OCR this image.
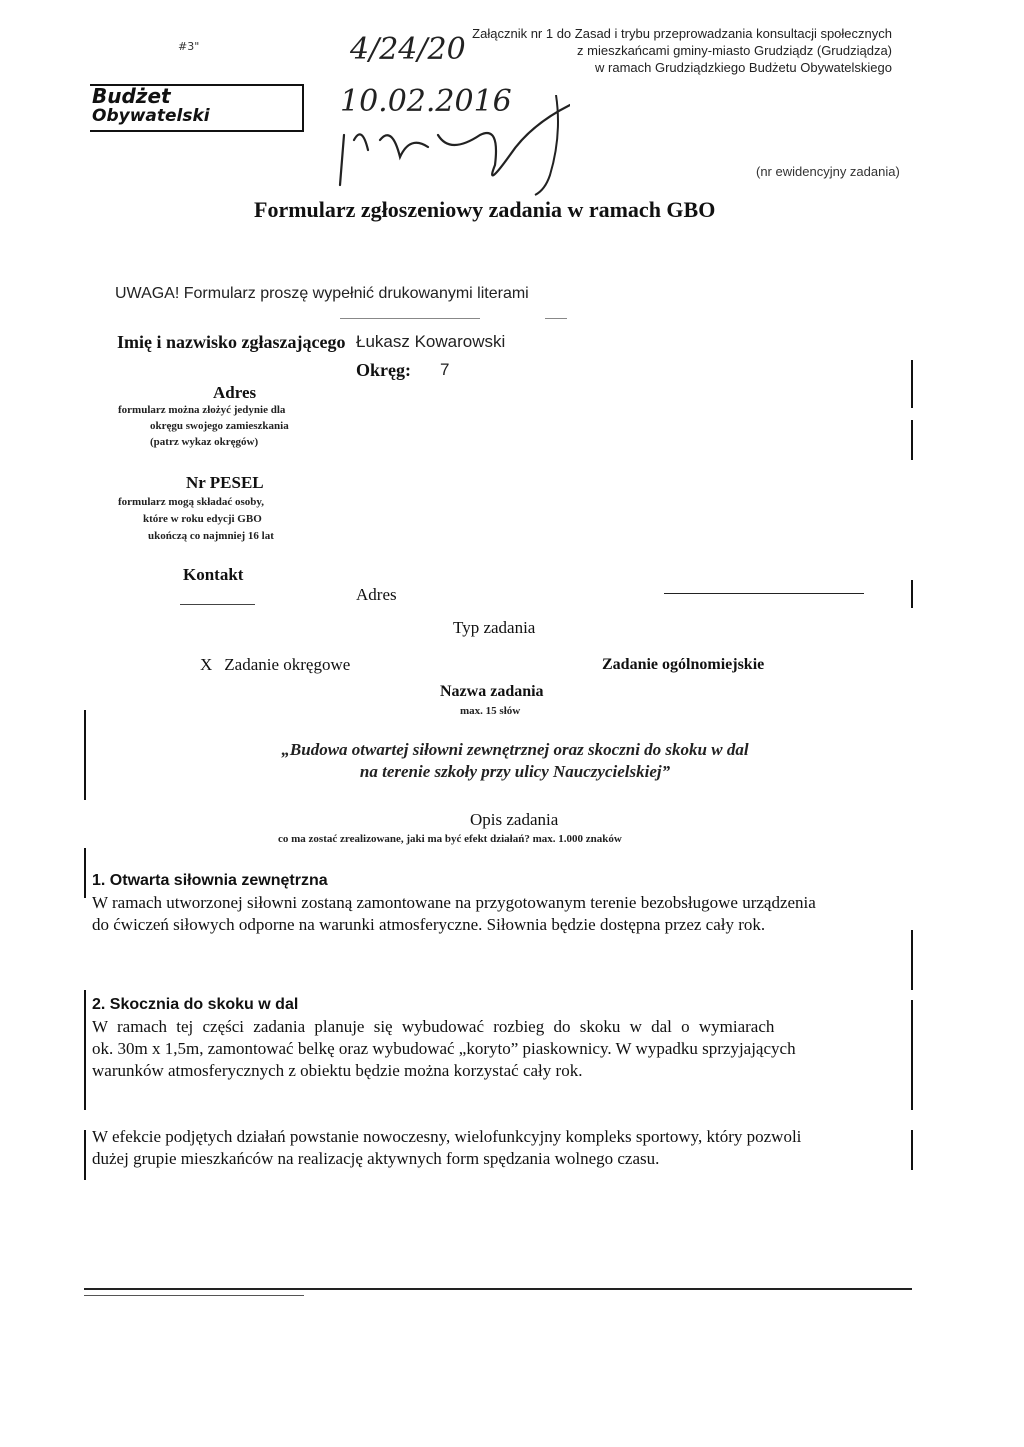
#3"
Budżet
Obywatelski
Załącznik nr 1 do Zasad i trybu przeprowadzania konsultacji społecznych
z mieszkańcami gminy-miasto Grudziądz (Grudziądza)
w ramach Grudziądzkiego Budżetu Obywatelskiego
4/24/20
10.02.2016
(nr ewidencyjny zadania)
Formularz zgłoszeniowy zadania w ramach GBO
UWAGA! Formularz proszę wypełnić drukowanymi literami
Imię i nazwisko zgłaszającego Łukasz Kowarowski
Okręg: 7
Adres
formularz można złożyć jedynie dla
okręgu swojego zamieszkania
(patrz wykaz okręgów)
Nr PESEL
formularz mogą składać osoby,
które w roku edycji GBO
ukończą co najmniej 16 lat
Kontakt
Adres
Typ zadania
X Zadanie okręgowe	Zadanie ogólnomiejskie
Nazwa zadania
max. 15 słów
„Budowa otwartej siłowni zewnętrznej oraz skoczni do skoku w dal
na terenie szkoły przy ulicy Nauczycielskiej”
Opis zadania
co ma zostać zrealizowane, jaki ma być efekt działań? max. 1.000 znaków
1. Otwarta siłownia zewnętrzna
W ramach utworzonej siłowni zostaną zamontowane na przygotowanym terenie bezobsługowe urządzenia
do ćwiczeń siłowych odporne na warunki atmosferyczne. Siłownia będzie dostępna przez cały rok.
2. Skocznia do skoku w dal
W ramach tej części zadania planuje się wybudować rozbieg do skoku w dal o wymiarach
ok. 30m x 1,5m, zamontować belkę oraz wybudować „koryto” piaskownicy. W wypadku sprzyjających
warunków atmosferycznych z obiektu będzie można korzystać cały rok.
W efekcie podjętych działań powstanie nowoczesny, wielofunkcyjny kompleks sportowy, który pozwoli
dużej grupie mieszkańców na realizację aktywnych form spędzania wolnego czasu.
